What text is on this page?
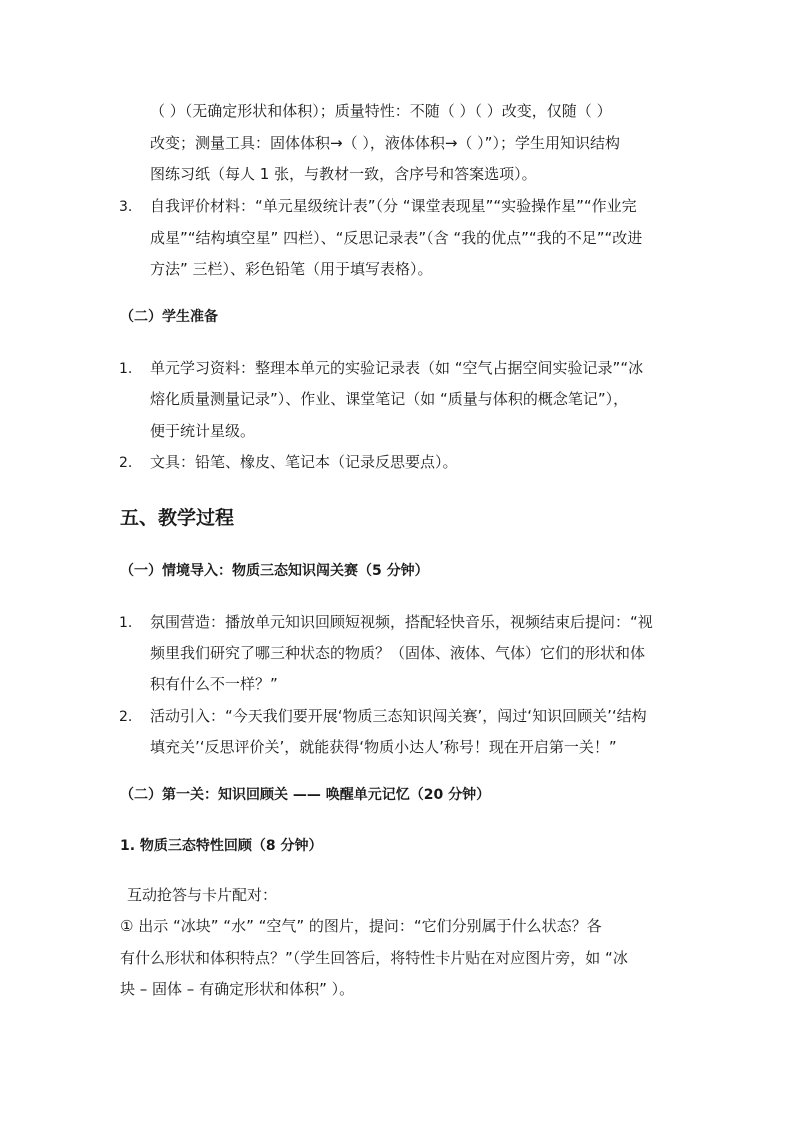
（ ）（无确定形状和体积）；质量特性：不随（ ）（ ）改变，仅随（ ）
改变；测量工具：固体体积→（ ），液体体积→（ ）”）；学生用知识结构
图练习纸（每人 1 张，与教材一致，含序号和答案选项）。
3. 自我评价材料：“单元星级统计表”（分 “课堂表现星”“实验操作星”“作业完
成星”“结构填空星” 四栏）、“反思记录表”（含 “我的优点”“我的不足”“改进
方法” 三栏）、彩色铅笔（用于填写表格）。
（二）学生准备
1. 单元学习资料：整理本单元的实验记录表（如 “空气占据空间实验记录”“冰
熔化质量测量记录”）、作业、课堂笔记（如 “质量与体积的概念笔记”），
便于统计星级。
2. 文具：铅笔、橡皮、笔记本（记录反思要点）。
五、教学过程
（一）情境导入：物质三态知识闯关赛（5 分钟）
1. 氛围营造：播放单元知识回顾短视频，搭配轻快音乐，视频结束后提问：“视
频里我们研究了哪三种状态的物质？（固体、液体、气体）它们的形状和体
积有什么不一样？”
2. 活动引入：“今天我们要开展‘物质三态知识闯关赛’，闯过‘知识回顾关’‘结构
填充关’‘反思评价关’，就能获得‘物质小达人’称号！现在开启第一关！”
（二）第一关：知识回顾关 —— 唤醒单元记忆（20 分钟）
1. 物质三态特性回顾（8 分钟）
互动抢答与卡片配对：
① 出示 “冰块” “水” “空气” 的图片，提问：“它们分别属于什么状态？各
有什么形状和体积特点？”（学生回答后，将特性卡片贴在对应图片旁，如 “冰
块 – 固体 – 有确定形状和体积” ）。
